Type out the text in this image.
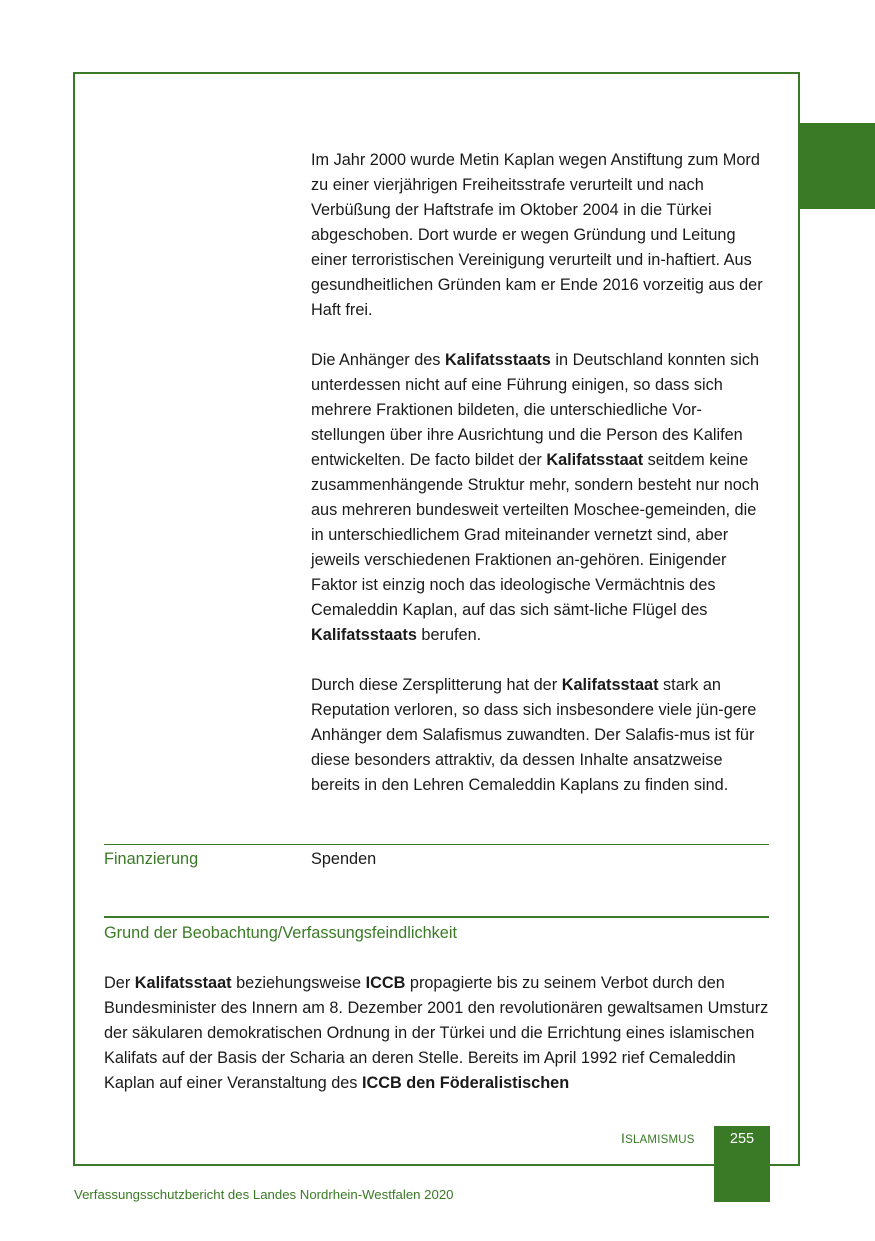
Im Jahr 2000 wurde Metin Kaplan wegen Anstiftung zum Mord zu einer vierjährigen Freiheitsstrafe verurteilt und nach Verbüßung der Haftstrafe im Oktober 2004 in die Türkei abgeschoben. Dort wurde er wegen Gründung und Leitung einer terroristischen Vereinigung verurteilt und in-haftiert. Aus gesundheitlichen Gründen kam er Ende 2016 vorzeitig aus der Haft frei.

Die Anhänger des Kalifatsstaats in Deutschland konnten sich unterdessen nicht auf eine Führung einigen, so dass sich mehrere Fraktionen bildeten, die unterschiedliche Vor-stellungen über ihre Ausrichtung und die Person des Kalifen entwickelten. De facto bildet der Kalifatsstaat seitdem keine zusammenhängende Struktur mehr, sondern besteht nur noch aus mehreren bundesweit verteilten Moschee-gemeinden, die in unterschiedlichem Grad miteinander vernetzt sind, aber jeweils verschiedenen Fraktionen an-gehören. Einigender Faktor ist einzig noch das ideologische Vermächtnis des Cemaleddin Kaplan, auf das sich sämt-liche Flügel des Kalifatsstaats berufen.

Durch diese Zersplitterung hat der Kalifatsstaat stark an Reputation verloren, so dass sich insbesondere viele jün-gere Anhänger dem Salafismus zuwandten. Der Salafis-mus ist für diese besonders attraktiv, da dessen Inhalte ansatzweise bereits in den Lehren Cemaleddin Kaplans zu finden sind.

Finanzierung	Spenden
Grund der Beobachtung/Verfassungsfeindlichkeit

Der Kalifatsstaat beziehungsweise ICCB propagierte bis zu seinem Verbot durch den Bundesminister des Innern am 8. Dezember 2001 den revolutionären gewaltsamen Umsturz der säkularen demokratischen Ordnung in der Türkei und die Errichtung eines islamischen Kalifats auf der Basis der Scharia an deren Stelle. Bereits im April 1992 rief Cemaleddin Kaplan auf einer Veranstaltung des ICCB den Föderalistischen

ISLAMISMUS	255
Verfassungsschutzbericht des Landes Nordrhein-Westfalen 2020
